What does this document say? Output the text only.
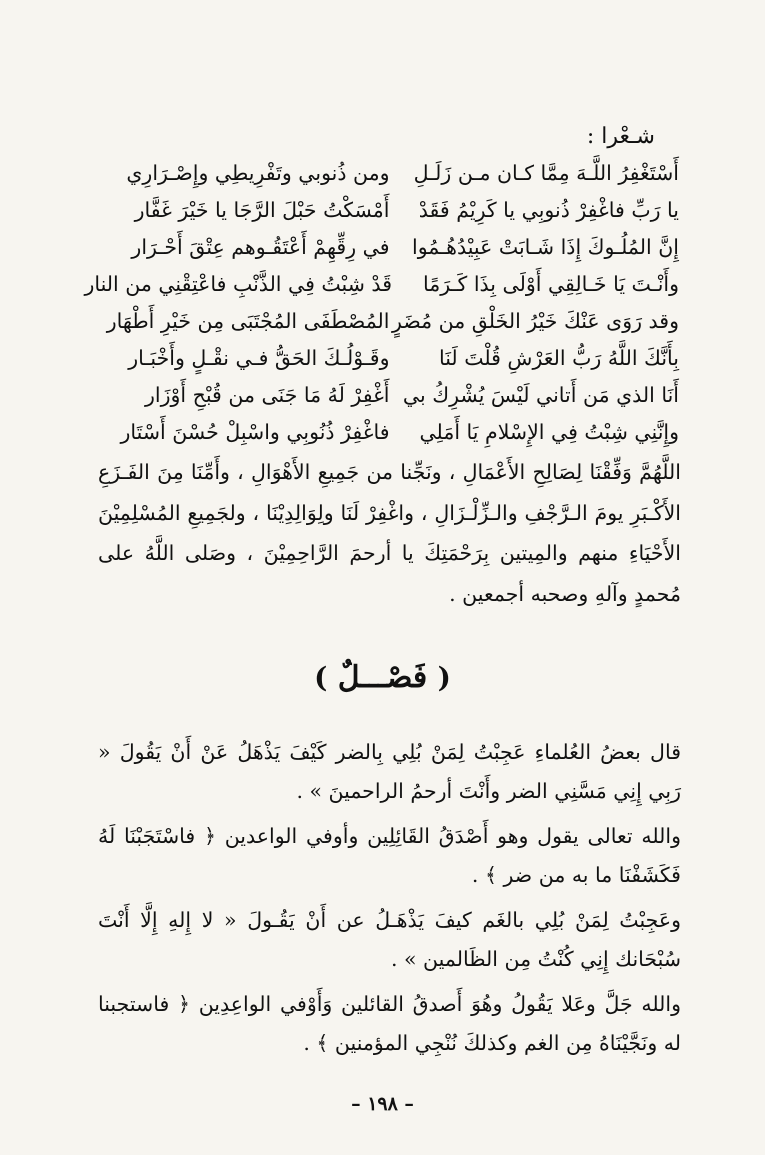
شـعْرا :
أَسْتَغْفِرُ اللَّـهَ مِمَّا كـان مـن زَلَـلِ
ومن ذُنوبي وتَفْرِيطِي وإِصْـرَارِي
يا رَبِّ فاغْفِرْ ذُنوبِي يا كَرِيْمُ فَقَدْ
أَمْسَكْتُ حَبْلَ الرَّجَا يا خَيْرَ غَفَّار
إِنَّ المُلُـوكَ إِذَا شَـابَتْ عَبِيْدُهُـمُوا
في رِقِّهِمْ أَعْتَقُـوهم عِتْقَ أَحْـرَار
وأَنْـتَ يَا خَـالِقِي أَوْلَى بِذَا كَـرَمًا
قَدْ شِبْتُ فِي الذَّنْبِ فاعْتِقْنِي من النار
وقد رَوَى عَنْكَ خَيْرُ الخَلْقِ من مُضَرٍ
المُصْطَفَى المُجْتَبَى مِن خَيْرِ أَطْهَار
بِأَنَّكَ اللَّهُ رَبُّ العَرْشِ قُلْتَ لَنَا
وقَـوْلُـكَ الحَقُّ فـي نقْـلٍ وأَخْبَـار
أَنَا الذي مَن أَتاني لَيْسَ يُشْرِكُ بي
أَغْفِرْ لَهُ مَا جَنَى من قُبْحِ أَوْزَار
وإِنَّنِي شِبْتُ فِي الإِسْلامِ يَا أَمَلِي
فاغْفِرْ ذُنُوبِي واسْبِلْ حُسْنَ أَسْتَار
اللَّهُمَّ وَفِّقْنَا لِصَالِحِ الأَعْمَالِ ، ونَجِّنا من جَمِيعِ الأَهْوَالِ ، وأَمِّنَا مِنَ الفَـزَعِ الأَكْـبَرِ يومَ الـرَّجْفِ والـزِّلْـزَالِ ، واغْفِرْ لَنَا ولِوَالِدِيْنَا ، ولجَمِيعِ المُسْلِمِيْنَ الأَحْيَاءِ منهم والمِيتين بِرَحْمَتِكَ يا أرحمَ الرَّاحِمِيْنَ ، وصَلى اللَّهُ على مُحمدٍ وآلهِ وصحبه أجمعين .
( فَصْـــلٌ )

قال بعضُ العُلماءِ عَجِبْتُ لِمَنْ بُلِي بِالضر كَيْفَ يَذْهَلُ عَنْ أَنْ يَقُولَ « رَبِي إِنِي مَسَّنِي الضر وأَنْتَ أرحمُ الراحمينَ » .

والله تعالى يقول وهو أَصْدَقُ القَائِلِين وأوفي الواعدين ﴿ فاسْتَجَبْنَا لَهُ فَكَشَفْنَا ما به من ضر ﴾ .

وعَجِبْتُ لِمَنْ بُلِي بالغَم كيفَ يَذْهَـلُ عن أَنْ يَقُـولَ « لا إِلهِ إِلَّا أَنْتَ سُبْحَانك إِنِي كُنْتُ مِن الظَالمين » .

والله جَلَّ وعَلا يَقُولُ وهُوَ أَصدقُ القائلين وَأَوْفي الواعِدِين ﴿ فاستجبنا له ونَجَّيْنَاهُ مِن الغم وكذلكَ نُنْجِي المؤمنين ﴾ .

– ١٩٨ –
